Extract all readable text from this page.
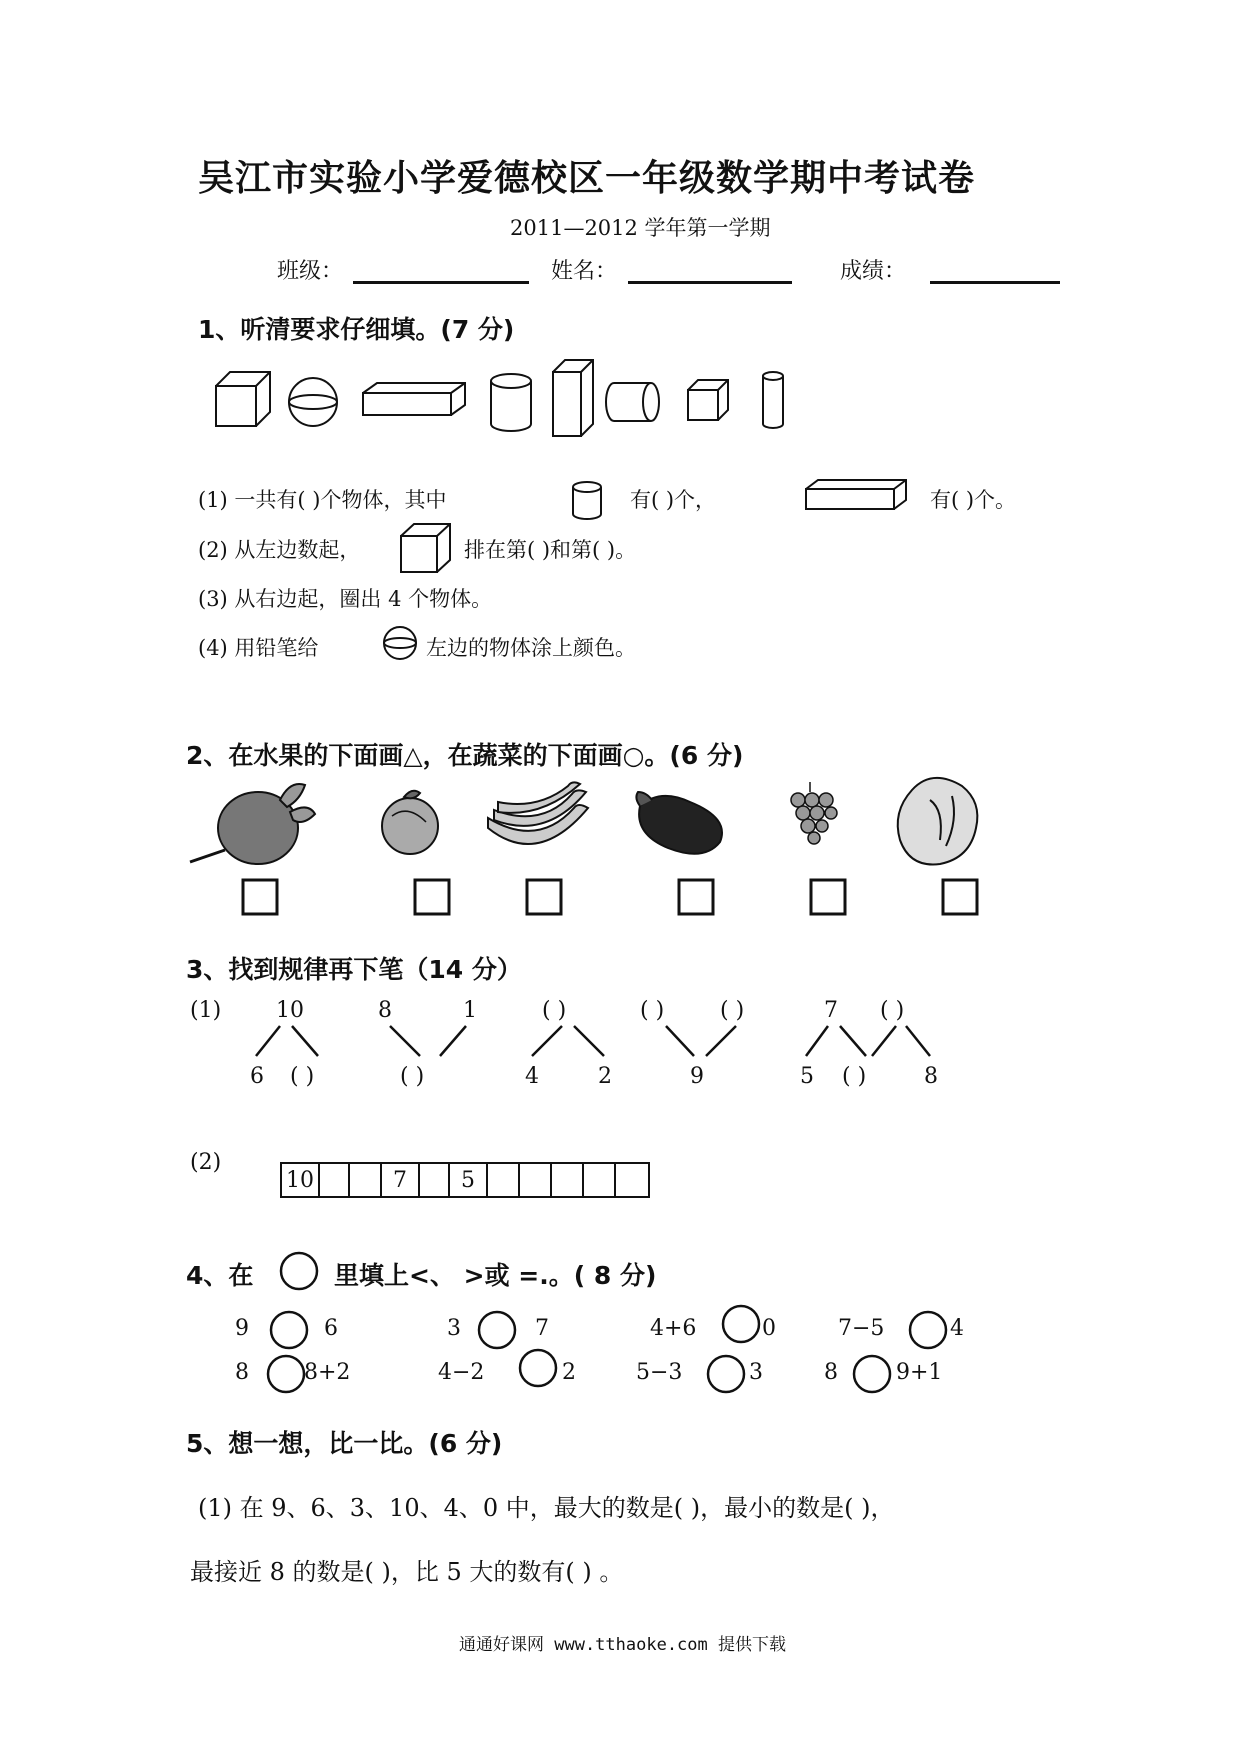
吴江市实验小学爱德校区一年级数学期中考试卷
2011—2012 学年第一学期
班级：	姓名：	成绩：
1、听清要求仔细填。(7 分)
(1) 一共有( )个物体，其中	有( )个，	有( )个。
(2) 从左边数起，	排在第( )和第( )。
(3) 从右边起，圈出 4 个物体。
(4) 用铅笔给	左边的物体涂上颜色。
2、在水果的下面画△，在蔬菜的下面画○。(6 分)
3、找到规律再下笔（14 分）
(1) 10
6 ( )
8	1
( )
( )
4	2
( )	( )
9
7 ( )
5 ( )	8
(2)
10	7	5
4、在	里填上<、 >或 =.。( 8 分)
9	6	3	7	4+6	0	7−5	4
8	8+2	4−2	2	5−3	3	8	9+1
5、想一想，比一比。(6 分)
(1) 在 9、6、3、10、4、0 中，最大的数是( )，最小的数是( )，
最接近 8 的数是( )，比 5 大的数有( ) 。
通通好课网 www.tthaoke.com 提供下载
